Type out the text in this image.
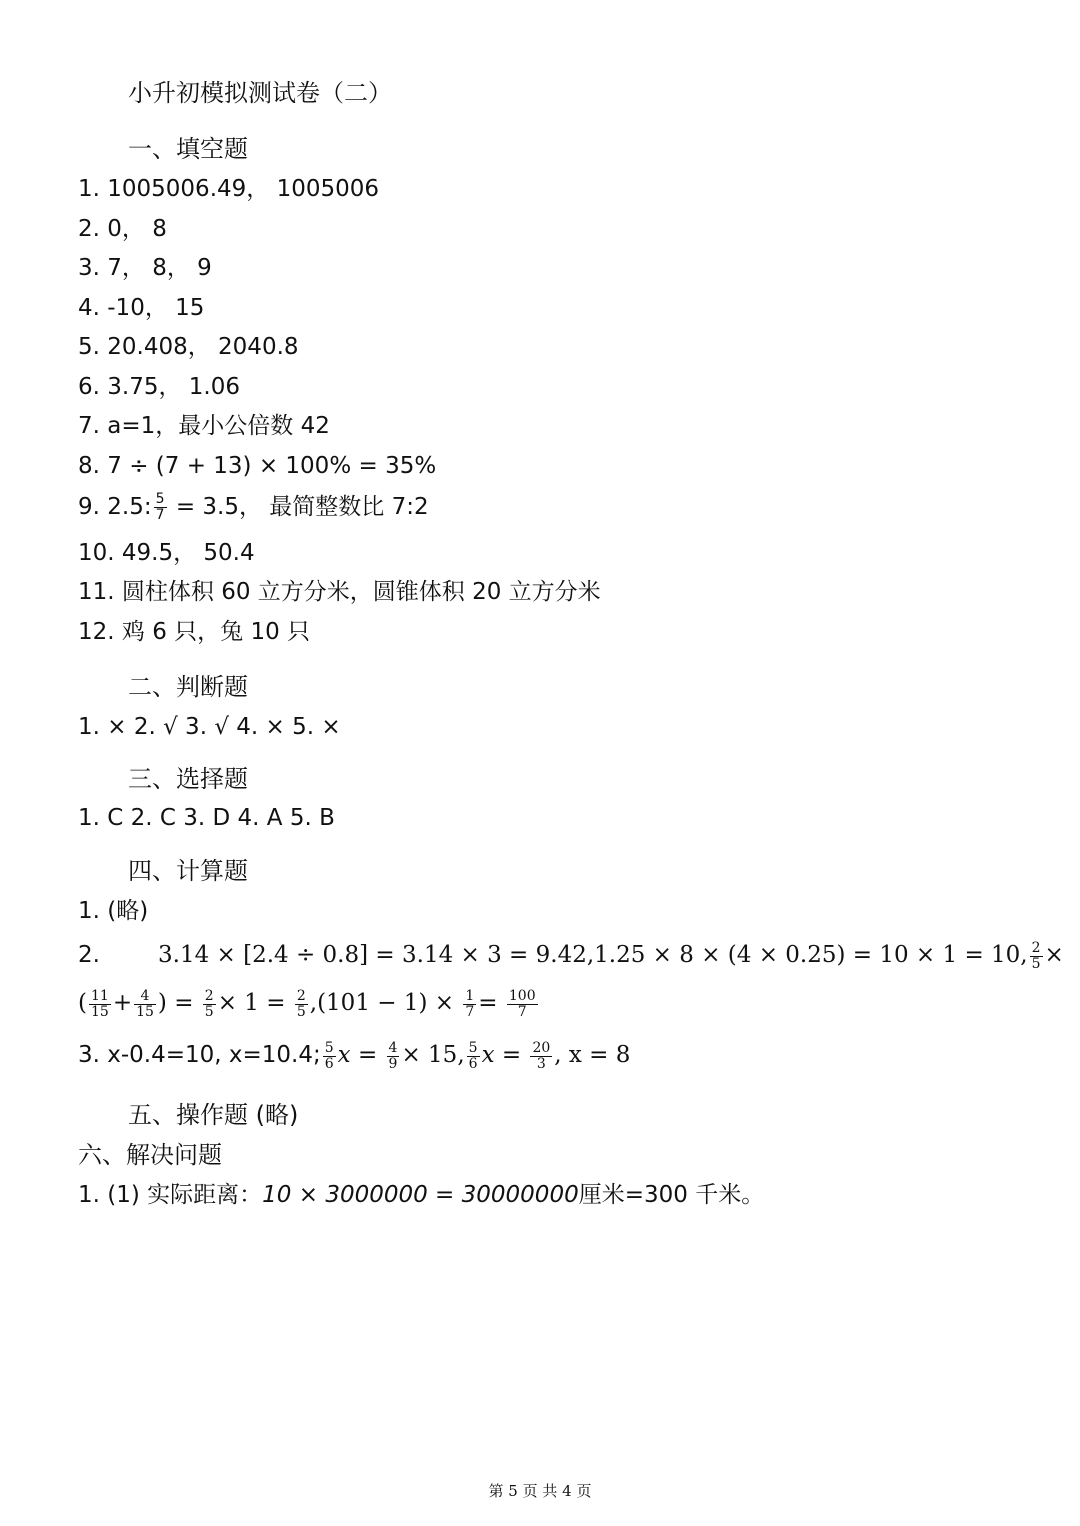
小升初模拟测试卷（二）
一、填空题
1. 1005006.49， 1005006
2. 0， 8
3. 7， 8， 9
4. -10， 15
5. 20.408， 2040.8
6. 3.75， 1.06
7. a=1，最小公倍数 42
8. 7 ÷ (7 + 13) × 100% = 35%
9. 2.5: $\frac{5}{7} = 3.5$， 最简整数比 7:2
10. 49.5， 50.4
11. 圆柱体积 60 立方分米，圆锥体积 20 立方分米
12. 鸡 6 只，兔 10 只
二、判断题
1. × 2. √ 3. √ 4. × 5. ×
三、选择题
1. C 2. C 3. D 4. A 5. B
四、计算题
1. (略)
2.	3.14 × [2.4 ÷ 0.8] = 3.14 × 3 = 9.42,1.25 × 8 × (4 × 0.25) = 10 × 1 = 10, $\frac{2}{5}$ ×
( $\frac{11}{15} + \frac{4}{15}$ ) = $\frac{2}{5} \times 1 = \frac{2}{5} ,(101 - 1) \times \frac{1}{7} = \frac{100}{7}$
3. x-0.4=10, x=10.4; $\frac{5}{6}$ $x = \frac{4}{9} \times 15$, $\frac{5}{6}$ $x = \frac{20}{3}$ , x = 8
五、操作题 (略)
六、解决问题
1. (1) 实际距离：10 × 3000000 = 30000000厘米=300 千米。
第 5 页 共 4 页
